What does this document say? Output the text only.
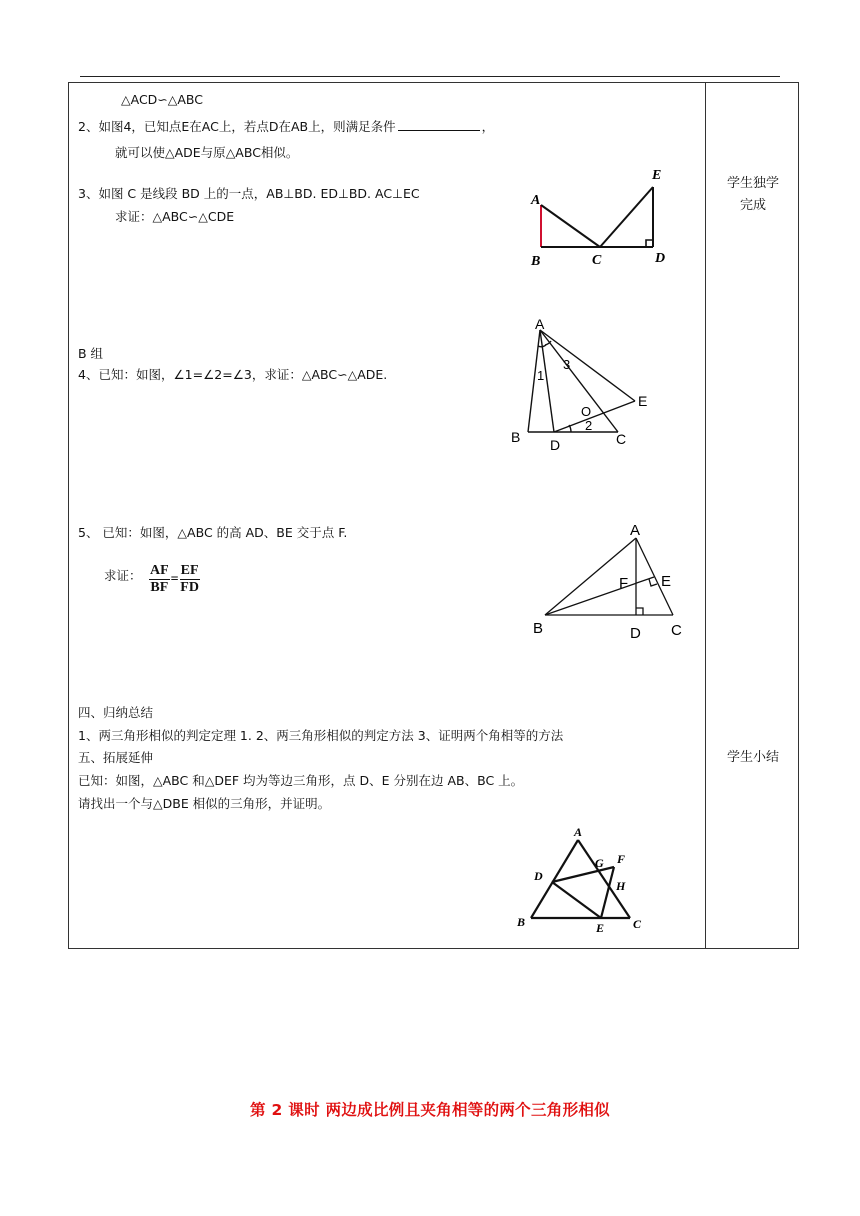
△ACD∽△ABC
2、如图4，已知点E在AC上，若点D在AB上，则满足条件	，
就可以使△ADE与原△ABC相似。
3、如图 C 是线段 BD 上的一点，AB⊥BD. ED⊥BD. AC⊥EC
求证：△ABC∽△CDE
B 组
4、已知：如图，∠1=∠2=∠3，求证：△ABC∽△ADE.
5、 已知：如图，△ABC 的高 AD、BE 交于点 F.
求证： $\frac{AF}{BF} = \frac{EF}{FD}$
四、归纳总结
1、两三角形相似的判定定理 1. 2、两三角形相似的判定方法 3、证明两个角相等的方法
五、拓展延伸
已知：如图，△ABC 和△DEF 均为等边三角形，点 D、E 分别在边 AB、BC 上。
请找出一个与△DBE 相似的三角形，并证明。
学生独学
完成
学生小结
A
B	C	D
E
A
B D	C
E
O
1
2
3
A
B	D C
E
F
A
B	C
D
E
F
G
H
第 2 课时 两边成比例且夹角相等的两个三角形相似
